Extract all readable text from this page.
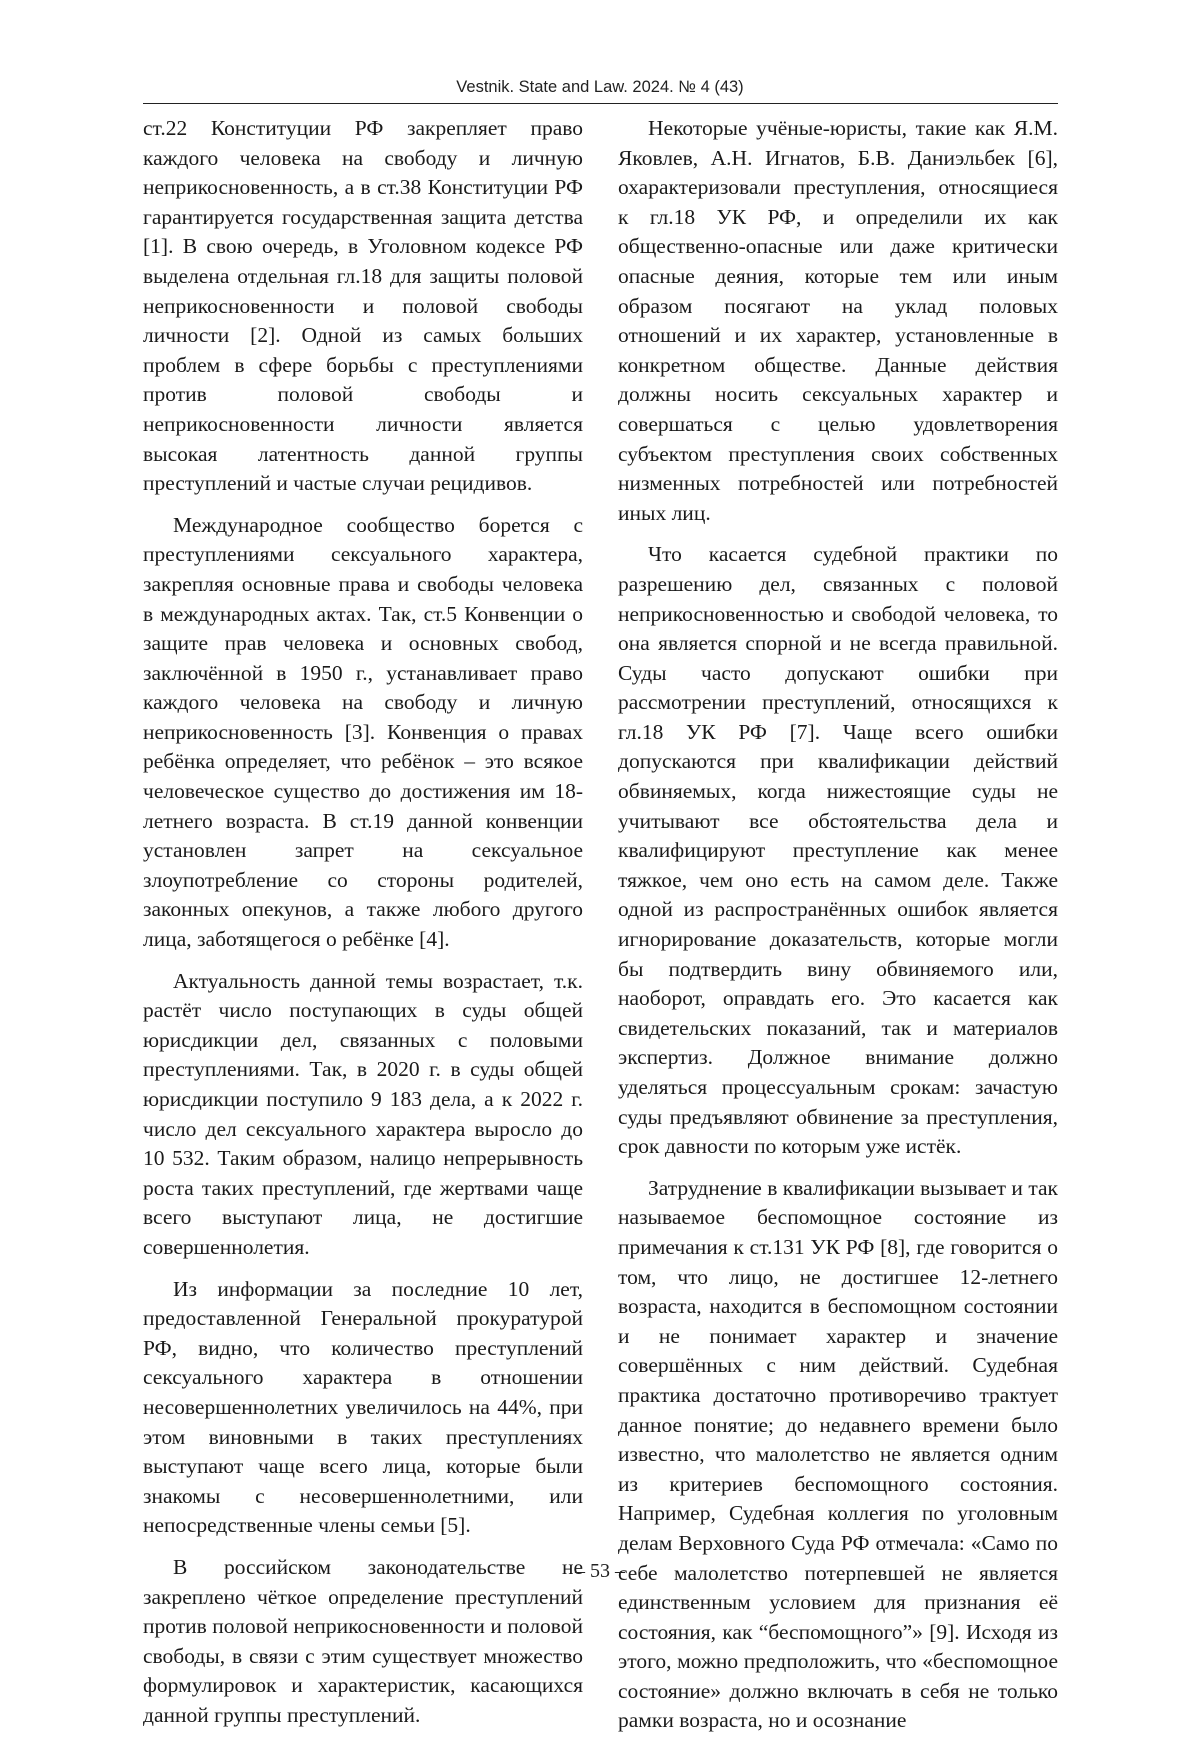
Vestnik. State and Law. 2024. № 4 (43)

ст.22 Конституции РФ закрепляет право каждого человека на свободу и личную неприкосновенность, а в ст.38 Конституции РФ гарантируется государственная защита детства [1]. В свою очередь, в Уголовном кодексе РФ выделена отдельная гл.18 для защиты половой неприкосновенности и половой свободы личности [2]. Одной из самых больших проблем в сфере борьбы с преступлениями против половой свободы и неприкосновенности личности является высокая латентность данной группы преступлений и частые случаи рецидивов.

Международное сообщество борется с преступлениями сексуального характера, закрепляя основные права и свободы человека в международных актах. Так, ст.5 Конвенции о защите прав человека и основных свобод, заключённой в 1950 г., устанавливает право каждого человека на свободу и личную неприкосновенность [3]. Конвенция о правах ребёнка определяет, что ребёнок – это всякое человеческое существо до достижения им 18-летнего возраста. В ст.19 данной конвенции установлен запрет на сексуальное злоупотребление со стороны родителей, законных опекунов, а также любого другого лица, заботящегося о ребёнке [4].

Актуальность данной темы возрастает, т.к. растёт число поступающих в суды общей юрисдикции дел, связанных с половыми преступлениями. Так, в 2020 г. в суды общей юрисдикции поступило 9 183 дела, а к 2022 г. число дел сексуального характера выросло до 10 532. Таким образом, налицо непрерывность роста таких преступлений, где жертвами чаще всего выступают лица, не достигшие совершеннолетия.

Из информации за последние 10 лет, предоставленной Генеральной прокуратурой РФ, видно, что количество преступлений сексуального характера в отношении несовершеннолетних увеличилось на 44%, при этом виновными в таких преступлениях выступают чаще всего лица, которые были знакомы с несовершеннолетними, или непосредственные члены семьи [5].

В российском законодательстве не закреплено чёткое определение преступлений против половой неприкосновенности и половой свободы, в связи с этим существует множество формулировок и характеристик, касающихся данной группы преступлений.

Некоторые учёные-юристы, такие как Я.М. Яковлев, А.Н. Игнатов, Б.В. Даниэльбек [6], охарактеризовали преступления, относящиеся к гл.18 УК РФ, и определили их как общественно-опасные или даже критически опасные деяния, которые тем или иным образом посягают на уклад половых отношений и их характер, установленные в конкретном обществе. Данные действия должны носить сексуальных характер и совершаться с целью удовлетворения субъектом преступления своих собственных низменных потребностей или потребностей иных лиц.

Что касается судебной практики по разрешению дел, связанных с половой неприкосновенностью и свободой человека, то она является спорной и не всегда правильной. Суды часто допускают ошибки при рассмотрении преступлений, относящихся к гл.18 УК РФ [7]. Чаще всего ошибки допускаются при квалификации действий обвиняемых, когда нижестоящие суды не учитывают все обстоятельства дела и квалифицируют преступление как менее тяжкое, чем оно есть на самом деле. Также одной из распространённых ошибок является игнорирование доказательств, которые могли бы подтвердить вину обвиняемого или, наоборот, оправдать его. Это касается как свидетельских показаний, так и материалов экспертиз. Должное внимание должно уделяться процессуальным срокам: зачастую суды предъявляют обвинение за преступления, срок давности по которым уже истёк.

Затруднение в квалификации вызывает и так называемое беспомощное состояние из примечания к ст.131 УК РФ [8], где говорится о том, что лицо, не достигшее 12-летнего возраста, находится в беспомощном состоянии и не понимает характер и значение совершённых с ним действий. Судебная практика достаточно противоречиво трактует данное понятие; до недавнего времени было известно, что малолетство не является одним из критериев беспомощного состояния. Например, Судебная коллегия по уголовным делам Верховного Суда РФ отмечала: «Само по себе малолетство потерпевшей не является единственным условием для признания её состояния, как “беспомощного”» [9]. Исходя из этого, можно предположить, что «беспомощное состояние» должно включать в себя не только рамки возраста, но и осознание

– 53 –
